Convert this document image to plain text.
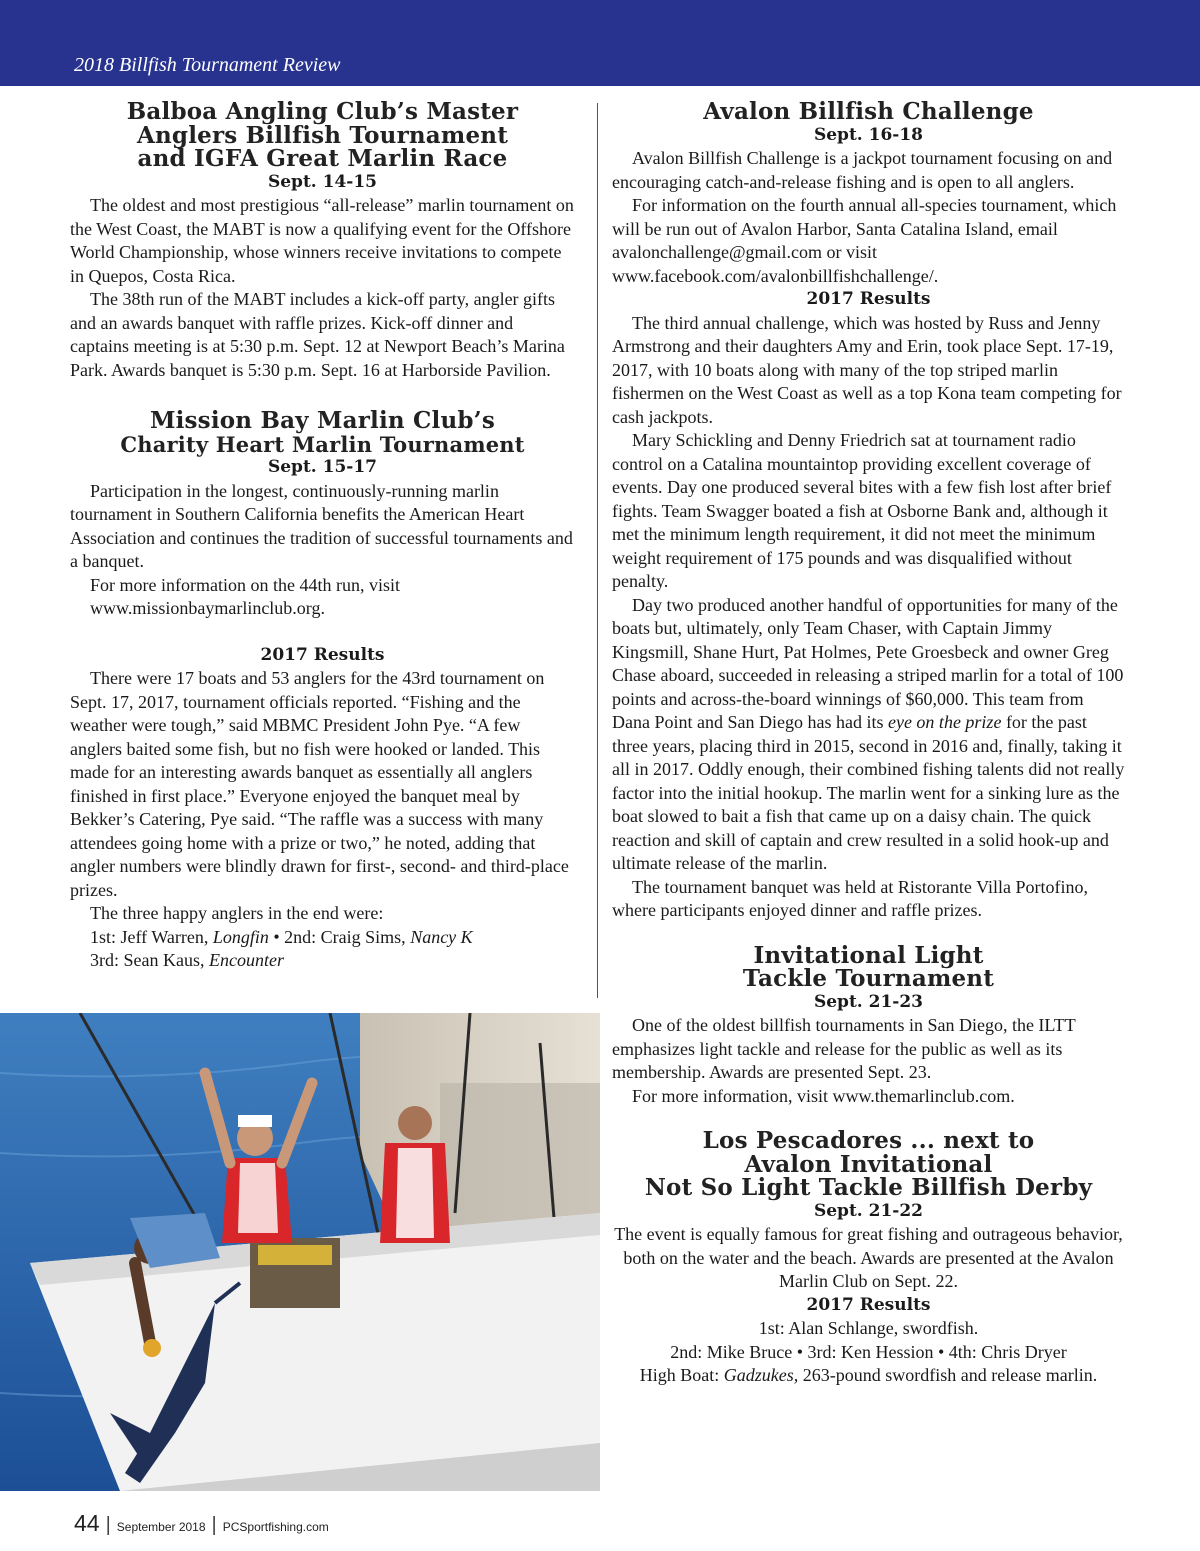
2018 Billfish Tournament Review
Balboa Angling Club’s Master
Anglers Billfish Tournament
and IGFA Great Marlin Race
Sept. 14-15

The oldest and most prestigious “all-release” marlin tournament on the West Coast, the MABT is now a qualifying event for the Offshore World Championship, whose winners receive invitations to compete in Quepos, Costa Rica.

The 38th run of the MABT includes a kick-off party, angler gifts and an awards banquet with raffle prizes. Kick-off dinner and captains meeting is at 5:30 p.m. Sept. 12 at Newport Beach’s Marina Park. Awards banquet is 5:30 p.m. Sept. 16 at Harborside Pavilion.

Mission Bay Marlin Club’s
Charity Heart Marlin Tournament
Sept. 15-17

Participation in the longest, continuously-running marlin tournament in Southern California benefits the American Heart Association and continues the tradition of successful tournaments and a banquet.

For more information on the 44th run, visit www.missionbaymarlinclub.org.

2017 Results

There were 17 boats and 53 anglers for the 43rd tournament on Sept. 17, 2017, tournament officials reported. “Fishing and the weather were tough,” said MBMC President John Pye. “A few anglers baited some fish, but no fish were hooked or landed. This made for an interesting awards banquet as essentially all anglers finished in first place.” Everyone enjoyed the banquet meal by Bekker’s Catering, Pye said. “The raffle was a success with many attendees going home with a prize or two,” he noted, adding that angler numbers were blindly drawn for first-, second- and third-place prizes.

The three happy anglers in the end were:

1st: Jeff Warren, Longfin • 2nd: Craig Sims, Nancy K

3rd: Sean Kaus, Encounter

Avalon Billfish Challenge
Sept. 16-18

Avalon Billfish Challenge is a jackpot tournament focusing on and encouraging catch-and-release fishing and is open to all anglers.

For information on the fourth annual all-species tournament, which will be run out of Avalon Harbor, Santa Catalina Island, email avalonchallenge@gmail.com or visit www.facebook.com/avalonbillfishchallenge/.

2017 Results

The third annual challenge, which was hosted by Russ and Jenny Armstrong and their daughters Amy and Erin, took place Sept. 17-19, 2017, with 10 boats along with many of the top striped marlin fishermen on the West Coast as well as a top Kona team competing for cash jackpots.

Mary Schickling and Denny Friedrich sat at tournament radio control on a Catalina mountaintop providing excellent coverage of events. Day one produced several bites with a few fish lost after brief fights. Team Swagger boated a fish at Osborne Bank and, although it met the minimum length requirement, it did not meet the minimum weight requirement of 175 pounds and was disqualified without penalty.

Day two produced another handful of opportunities for many of the boats but, ultimately, only Team Chaser, with Captain Jimmy Kingsmill, Shane Hurt, Pat Holmes, Pete Groesbeck and owner Greg Chase aboard, succeeded in releasing a striped marlin for a total of 100 points and across-the-board winnings of $60,000. This team from Dana Point and San Diego has had its eye on the prize for the past three years, placing third in 2015, second in 2016 and, finally, taking it all in 2017. Oddly enough, their combined fishing talents did not really factor into the initial hookup. The marlin went for a sinking lure as the boat slowed to bait a fish that came up on a daisy chain. The quick reaction and skill of captain and crew resulted in a solid hook-up and ultimate release of the marlin.

The tournament banquet was held at Ristorante Villa Portofino, where participants enjoyed dinner and raffle prizes.

Invitational Light
Tackle Tournament
Sept. 21-23

One of the oldest billfish tournaments in San Diego, the ILTT emphasizes light tackle and release for the public as well as its membership. Awards are presented Sept. 23.

For more information, visit www.themarlinclub.com.

Los Pescadores ... next to
Avalon Invitational
Not So Light Tackle Billfish Derby
Sept. 21-22

The event is equally famous for great fishing and outrageous behavior, both on the water and the beach. Awards are presented at the Avalon Marlin Club on Sept. 22.

2017 Results

1st: Alan Schlange, swordfish.

2nd: Mike Bruce • 3rd: Ken Hession • 4th: Chris Dryer

High Boat: Gadzukes, 263-pound swordfish and release marlin.

44 | September 2018 | PCSportfishing.com
